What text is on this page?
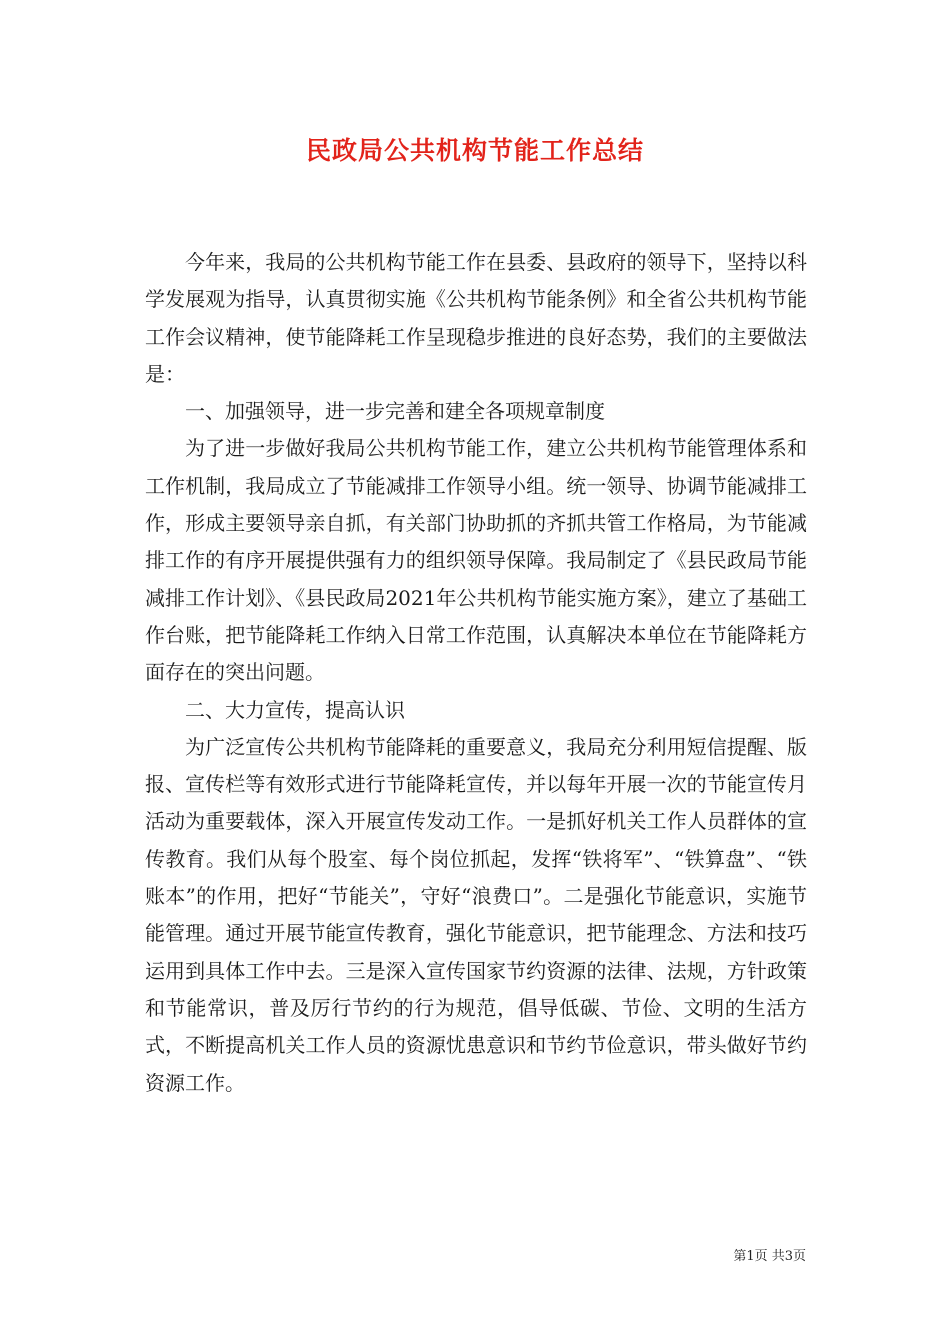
民政局公共机构节能工作总结

今年来，我局的公共机构节能工作在县委、县政府的领导下，坚持以科学发展观为指导，认真贯彻实施《公共机构节能条例》和全省公共机构节能工作会议精神，使节能降耗工作呈现稳步推进的良好态势，我们的主要做法是：

一、加强领导，进一步完善和建全各项规章制度

为了进一步做好我局公共机构节能工作，建立公共机构节能管理体系和工作机制，我局成立了节能减排工作领导小组。统一领导、协调节能减排工作，形成主要领导亲自抓，有关部门协助抓的齐抓共管工作格局，为节能减排工作的有序开展提供强有力的组织领导保障。我局制定了《县民政局节能减排工作计划》、《县民政局2021年公共机构节能实施方案》，建立了基础工作台账，把节能降耗工作纳入日常工作范围，认真解决本单位在节能降耗方面存在的突出问题。

二、大力宣传，提高认识

为广泛宣传公共机构节能降耗的重要意义，我局充分利用短信提醒、版报、宣传栏等有效形式进行节能降耗宣传，并以每年开展一次的节能宣传月活动为重要载体，深入开展宣传发动工作。一是抓好机关工作人员群体的宣传教育。我们从每个股室、每个岗位抓起，发挥“铁将军”、“铁算盘”、“铁账本”的作用，把好“节能关”，守好“浪费口”。二是强化节能意识，实施节能管理。通过开展节能宣传教育，强化节能意识，把节能理念、方法和技巧运用到具体工作中去。三是深入宣传国家节约资源的法律、法规，方针政策和节能常识，普及厉行节约的行为规范，倡导低碳、节俭、文明的生活方式，不断提高机关工作人员的资源忧患意识和节约节俭意识，带头做好节约资源工作。

第1页 共3页
